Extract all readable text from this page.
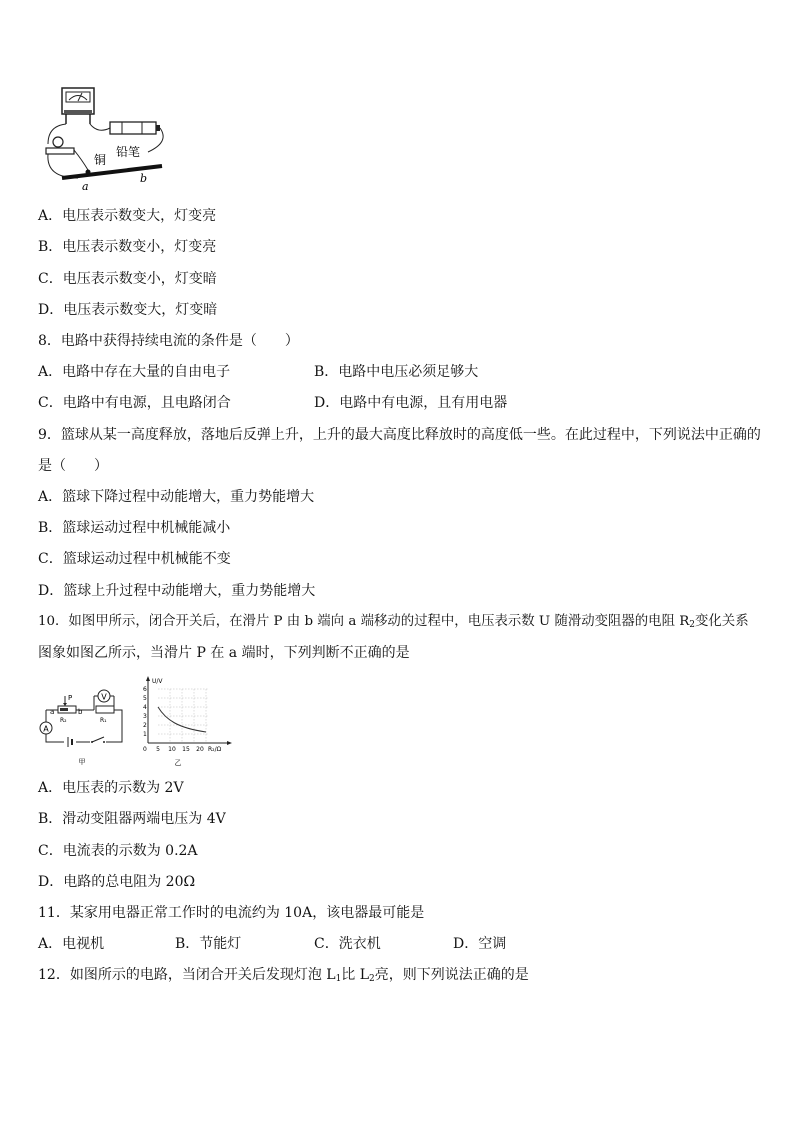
铜
铅笔
a
b
A．电压表示数变大，灯变亮
B．电压表示数变小，灯变亮
C．电压表示数变小，灯变暗
D．电压表示数变大，灯变暗
8．电路中获得持续电流的条件是（　　）
A．电路中存在大量的自由电子	B．电路中电压必须足够大
C．电路中有电源，且电路闭合	D．电路中有电源，且有用电器
9．篮球从某一高度释放，落地后反弹上升，上升的最大高度比释放时的高度低一些。在此过程中，下列说法中正确的
是（　　）
A．篮球下降过程中动能增大，重力势能增大
B．篮球运动过程中机械能减小
C．篮球运动过程中机械能不变
D．篮球上升过程中动能增大，重力势能增大
10．如图甲所示，闭合开关后，在滑片 P 由 b 端向 a 端移动的过程中，电压表示数 U 随滑动变阻器的电阻 $R_2$变化关系
图象如图乙所示，当滑片 P 在 a 端时，下列判断不正确的是
V
P
a	b
R₂	R₁
A
甲
U/V
6
5
4
3
2
1
0 5 10 15 20 R₂/Ω
乙
A．电压表的示数为 2V
B．滑动变阻器两端电压为 4V
C．电流表的示数为 0.2A
D．电路的总电阻为 20Ω
11．某家用电器正常工作时的电流约为 10A，该电器最可能是
A．电视机	B．节能灯	C．洗衣机	D．空调
12．如图所示的电路，当闭合开关后发现灯泡 $L_1$比 $L_2$亮，则下列说法正确的是
